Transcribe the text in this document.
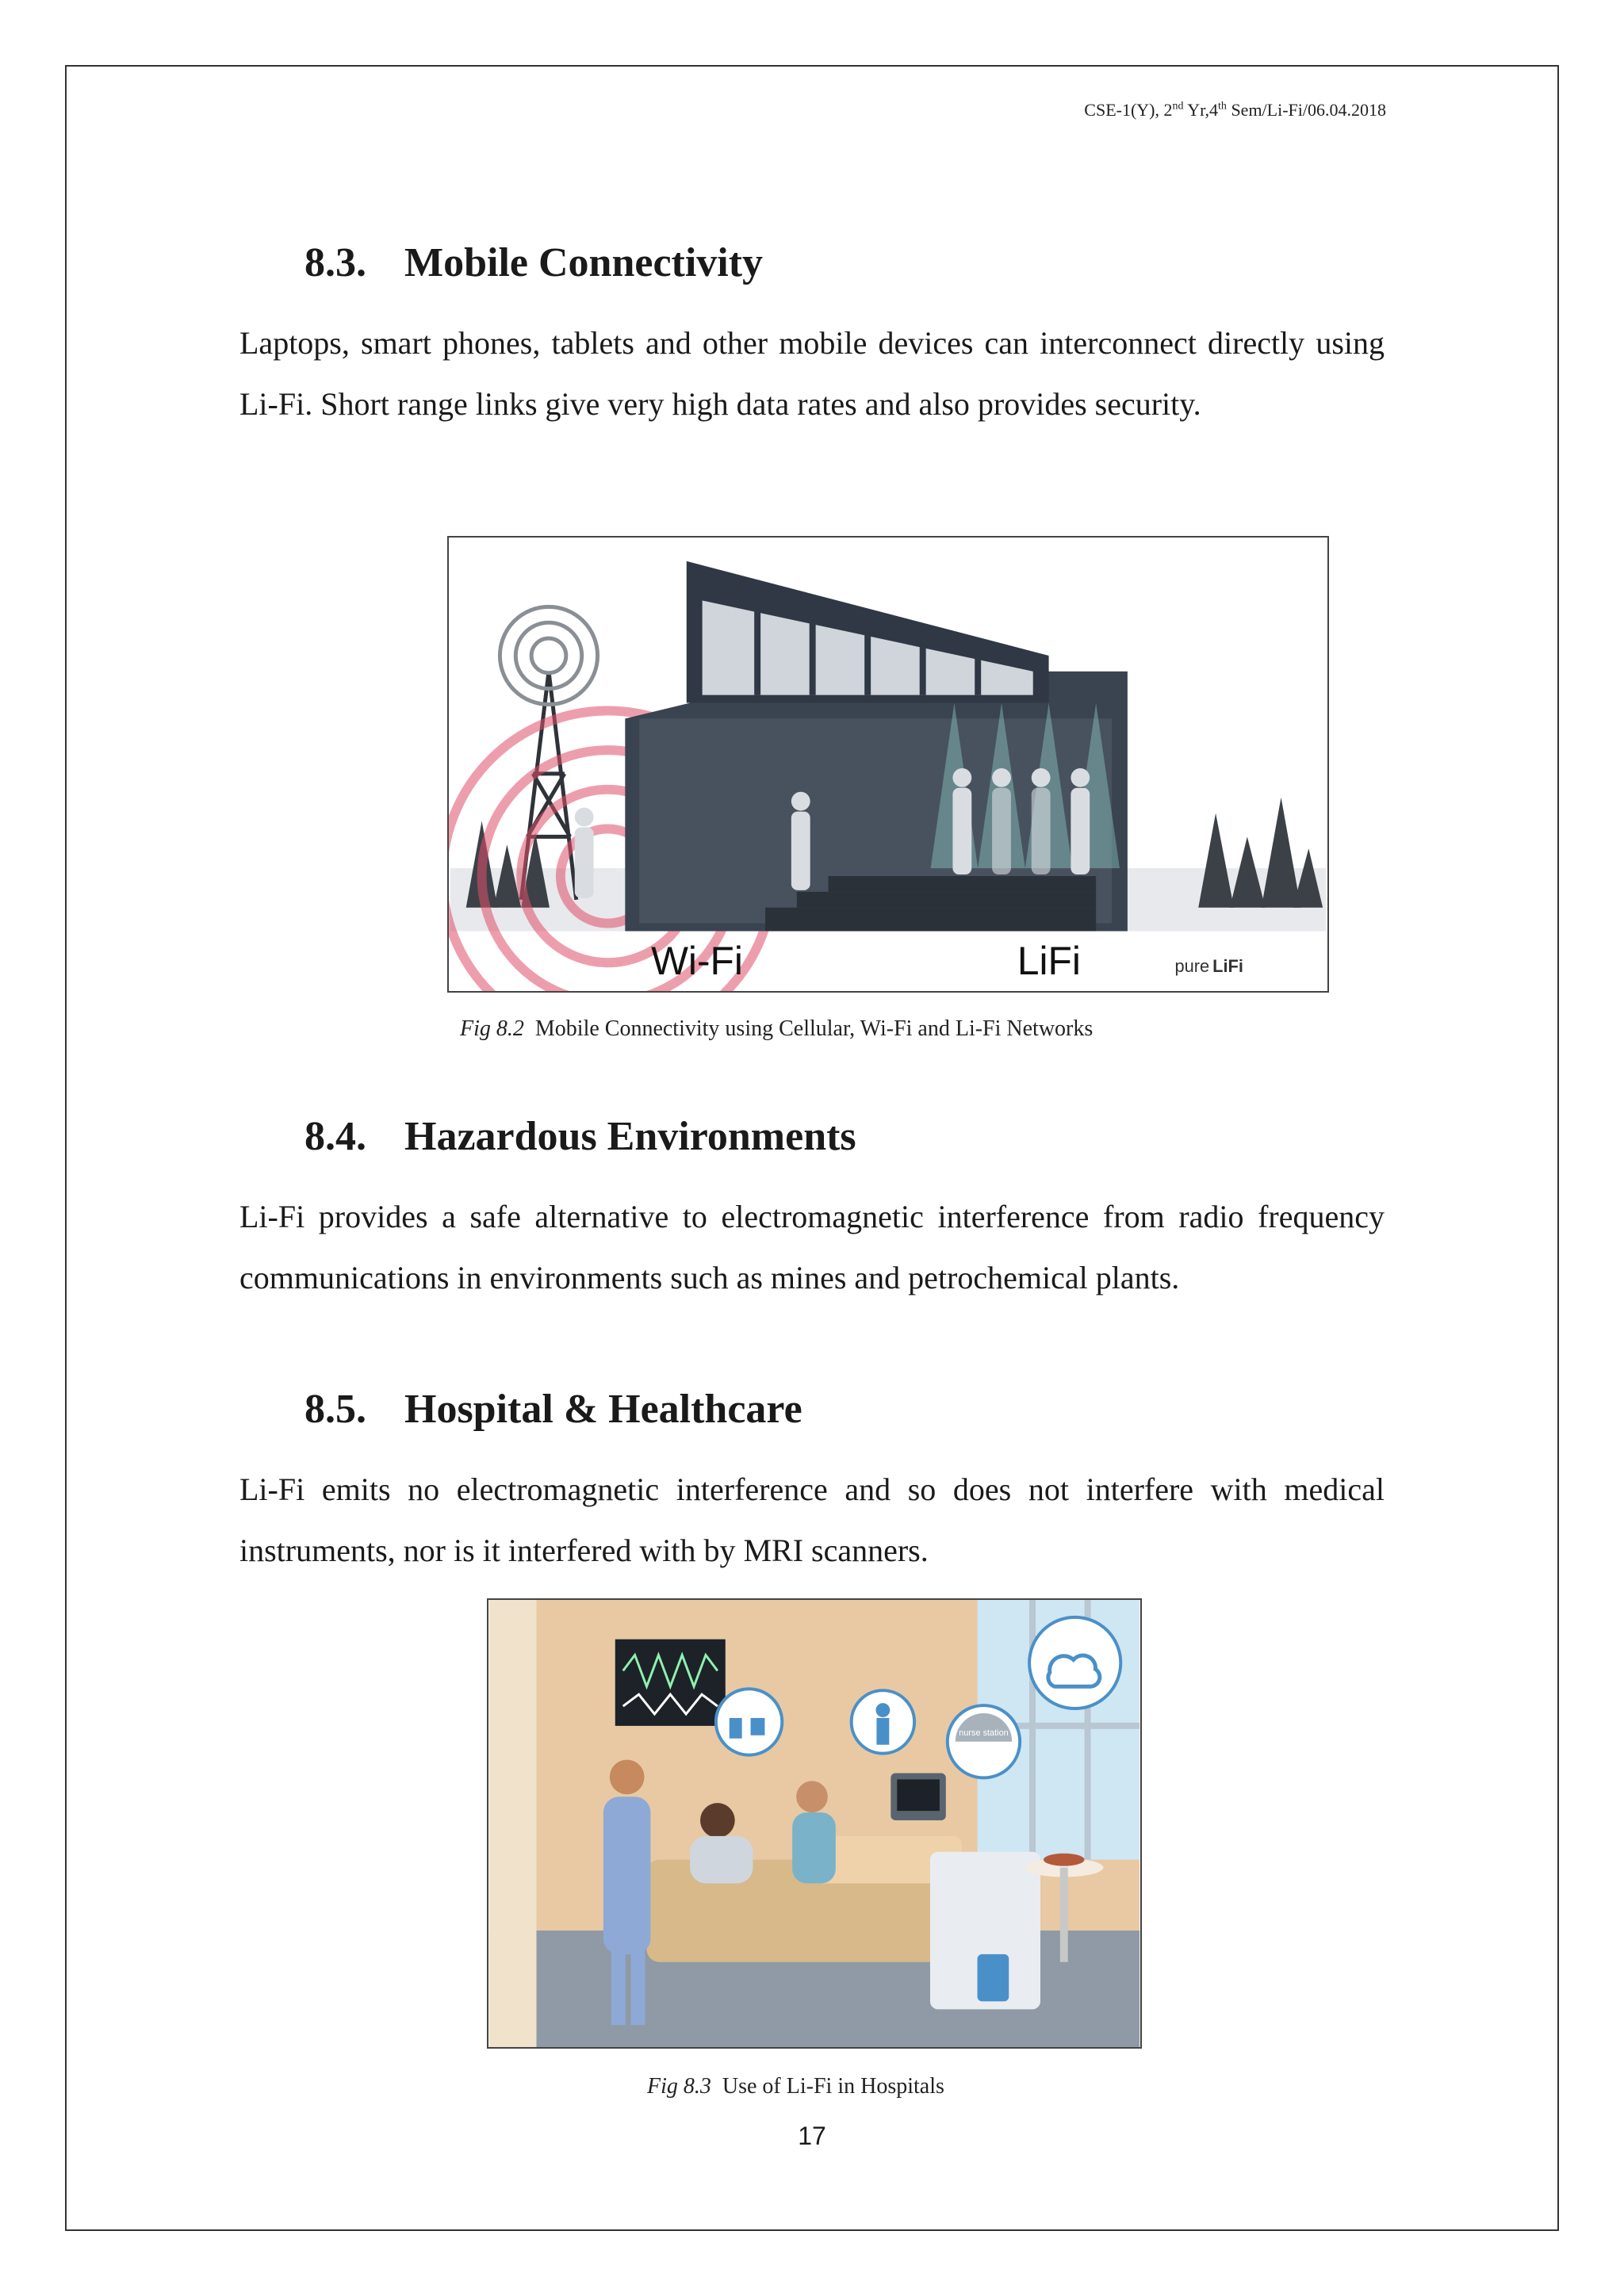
CSE-1(Y), 2nd Yr,4th Sem/Li-Fi/06.04.2018
8.3. Mobile Connectivity
Laptops, smart phones, tablets and other mobile devices can interconnect directly using Li-Fi. Short range links give very high data rates and also provides security.
Wi-Fi	LiFi	pure LiFi
Fig 8.2 Mobile Connectivity using Cellular, Wi-Fi and Li-Fi Networks
8.4. Hazardous Environments
Li-Fi provides a safe alternative to electromagnetic interference from radio frequency communications in environments such as mines and petrochemical plants.
8.5. Hospital & Healthcare
Li-Fi emits no electromagnetic interference and so does not interfere with medical instruments, nor is it interfered with by MRI scanners.
nurse station
Fig 8.3 Use of Li-Fi in Hospitals
17
